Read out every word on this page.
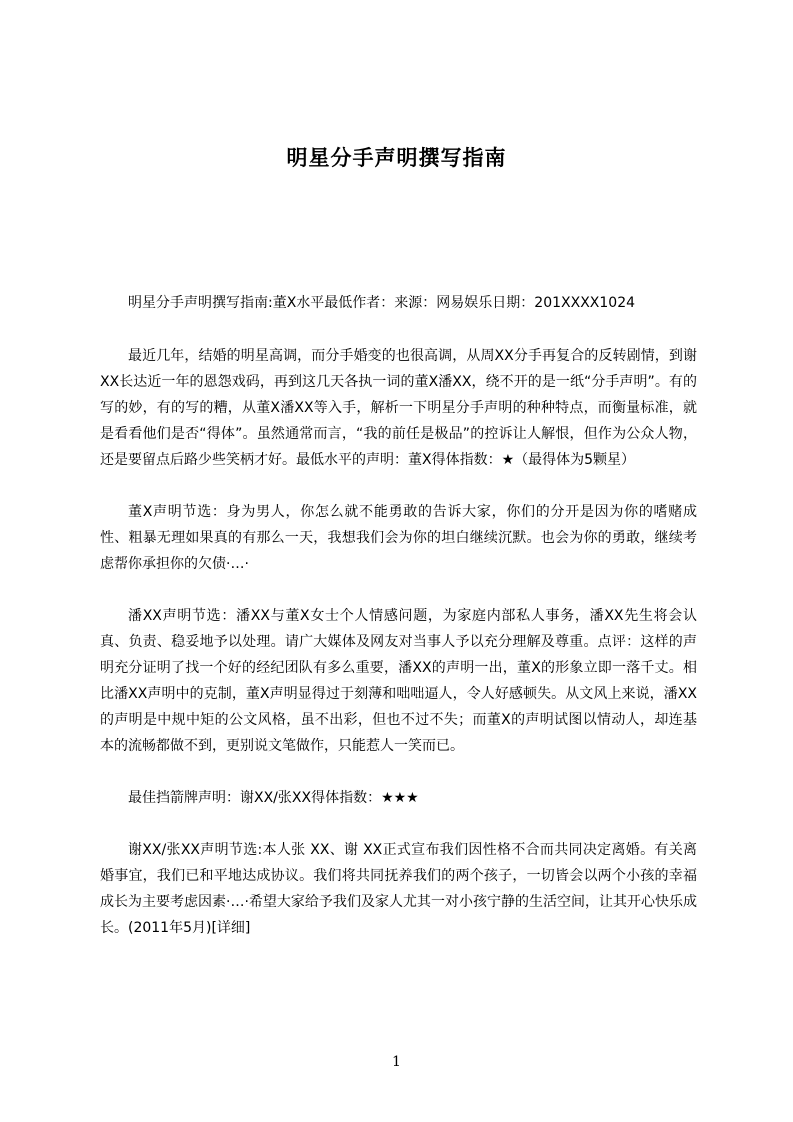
明星分手声明撰写指南

明星分手声明撰写指南:董X水平最低作者：来源：网易娱乐日期：201XXXX1024

最近几年，结婚的明星高调，而分手婚变的也很高调，从周XX分手再复合的反转剧情，到谢XX长达近一年的恩怨戏码，再到这几天各执一词的董X潘XX，绕不开的是一纸“分手声明”。有的写的妙，有的写的糟，从董X潘XX等入手，解析一下明星分手声明的种种特点，而衡量标准，就是看看他们是否“得体”。虽然通常而言，“我的前任是极品”的控诉让人解恨，但作为公众人物，还是要留点后路少些笑柄才好。最低水平的声明：董X得体指数：★（最得体为5颗星）

董X声明节选：身为男人，你怎么就不能勇敢的告诉大家，你们的分开是因为你的嗜赌成性、粗暴无理如果真的有那么一天，我想我们会为你的坦白继续沉默。也会为你的勇敢，继续考虑帮你承担你的欠债·…·

潘XX声明节选：潘XX与董X女士个人情感问题，为家庭内部私人事务，潘XX先生将会认真、负责、稳妥地予以处理。请广大媒体及网友对当事人予以充分理解及尊重。点评：这样的声明充分证明了找一个好的经纪团队有多么重要，潘XX的声明一出，董X的形象立即一落千丈。相比潘XX声明中的克制，董X声明显得过于刻薄和咄咄逼人，令人好感顿失。从文风上来说，潘XX的声明是中规中矩的公文风格，虽不出彩，但也不过不失；而董X的声明试图以情动人，却连基本的流畅都做不到，更别说文笔做作，只能惹人一笑而已。

最佳挡箭牌声明：谢XX/张XX得体指数：★★★

谢XX/张XX声明节选:本人张 XX、谢 XX正式宣布我们因性格不合而共同决定离婚。有关离婚事宜，我们已和平地达成协议。我们将共同抚养我们的两个孩子，一切皆会以两个小孩的幸福成长为主要考虑因素·…·希望大家给予我们及家人尤其一对小孩宁静的生活空间，让其开心快乐成长。(2011年5月)[详细]

1
